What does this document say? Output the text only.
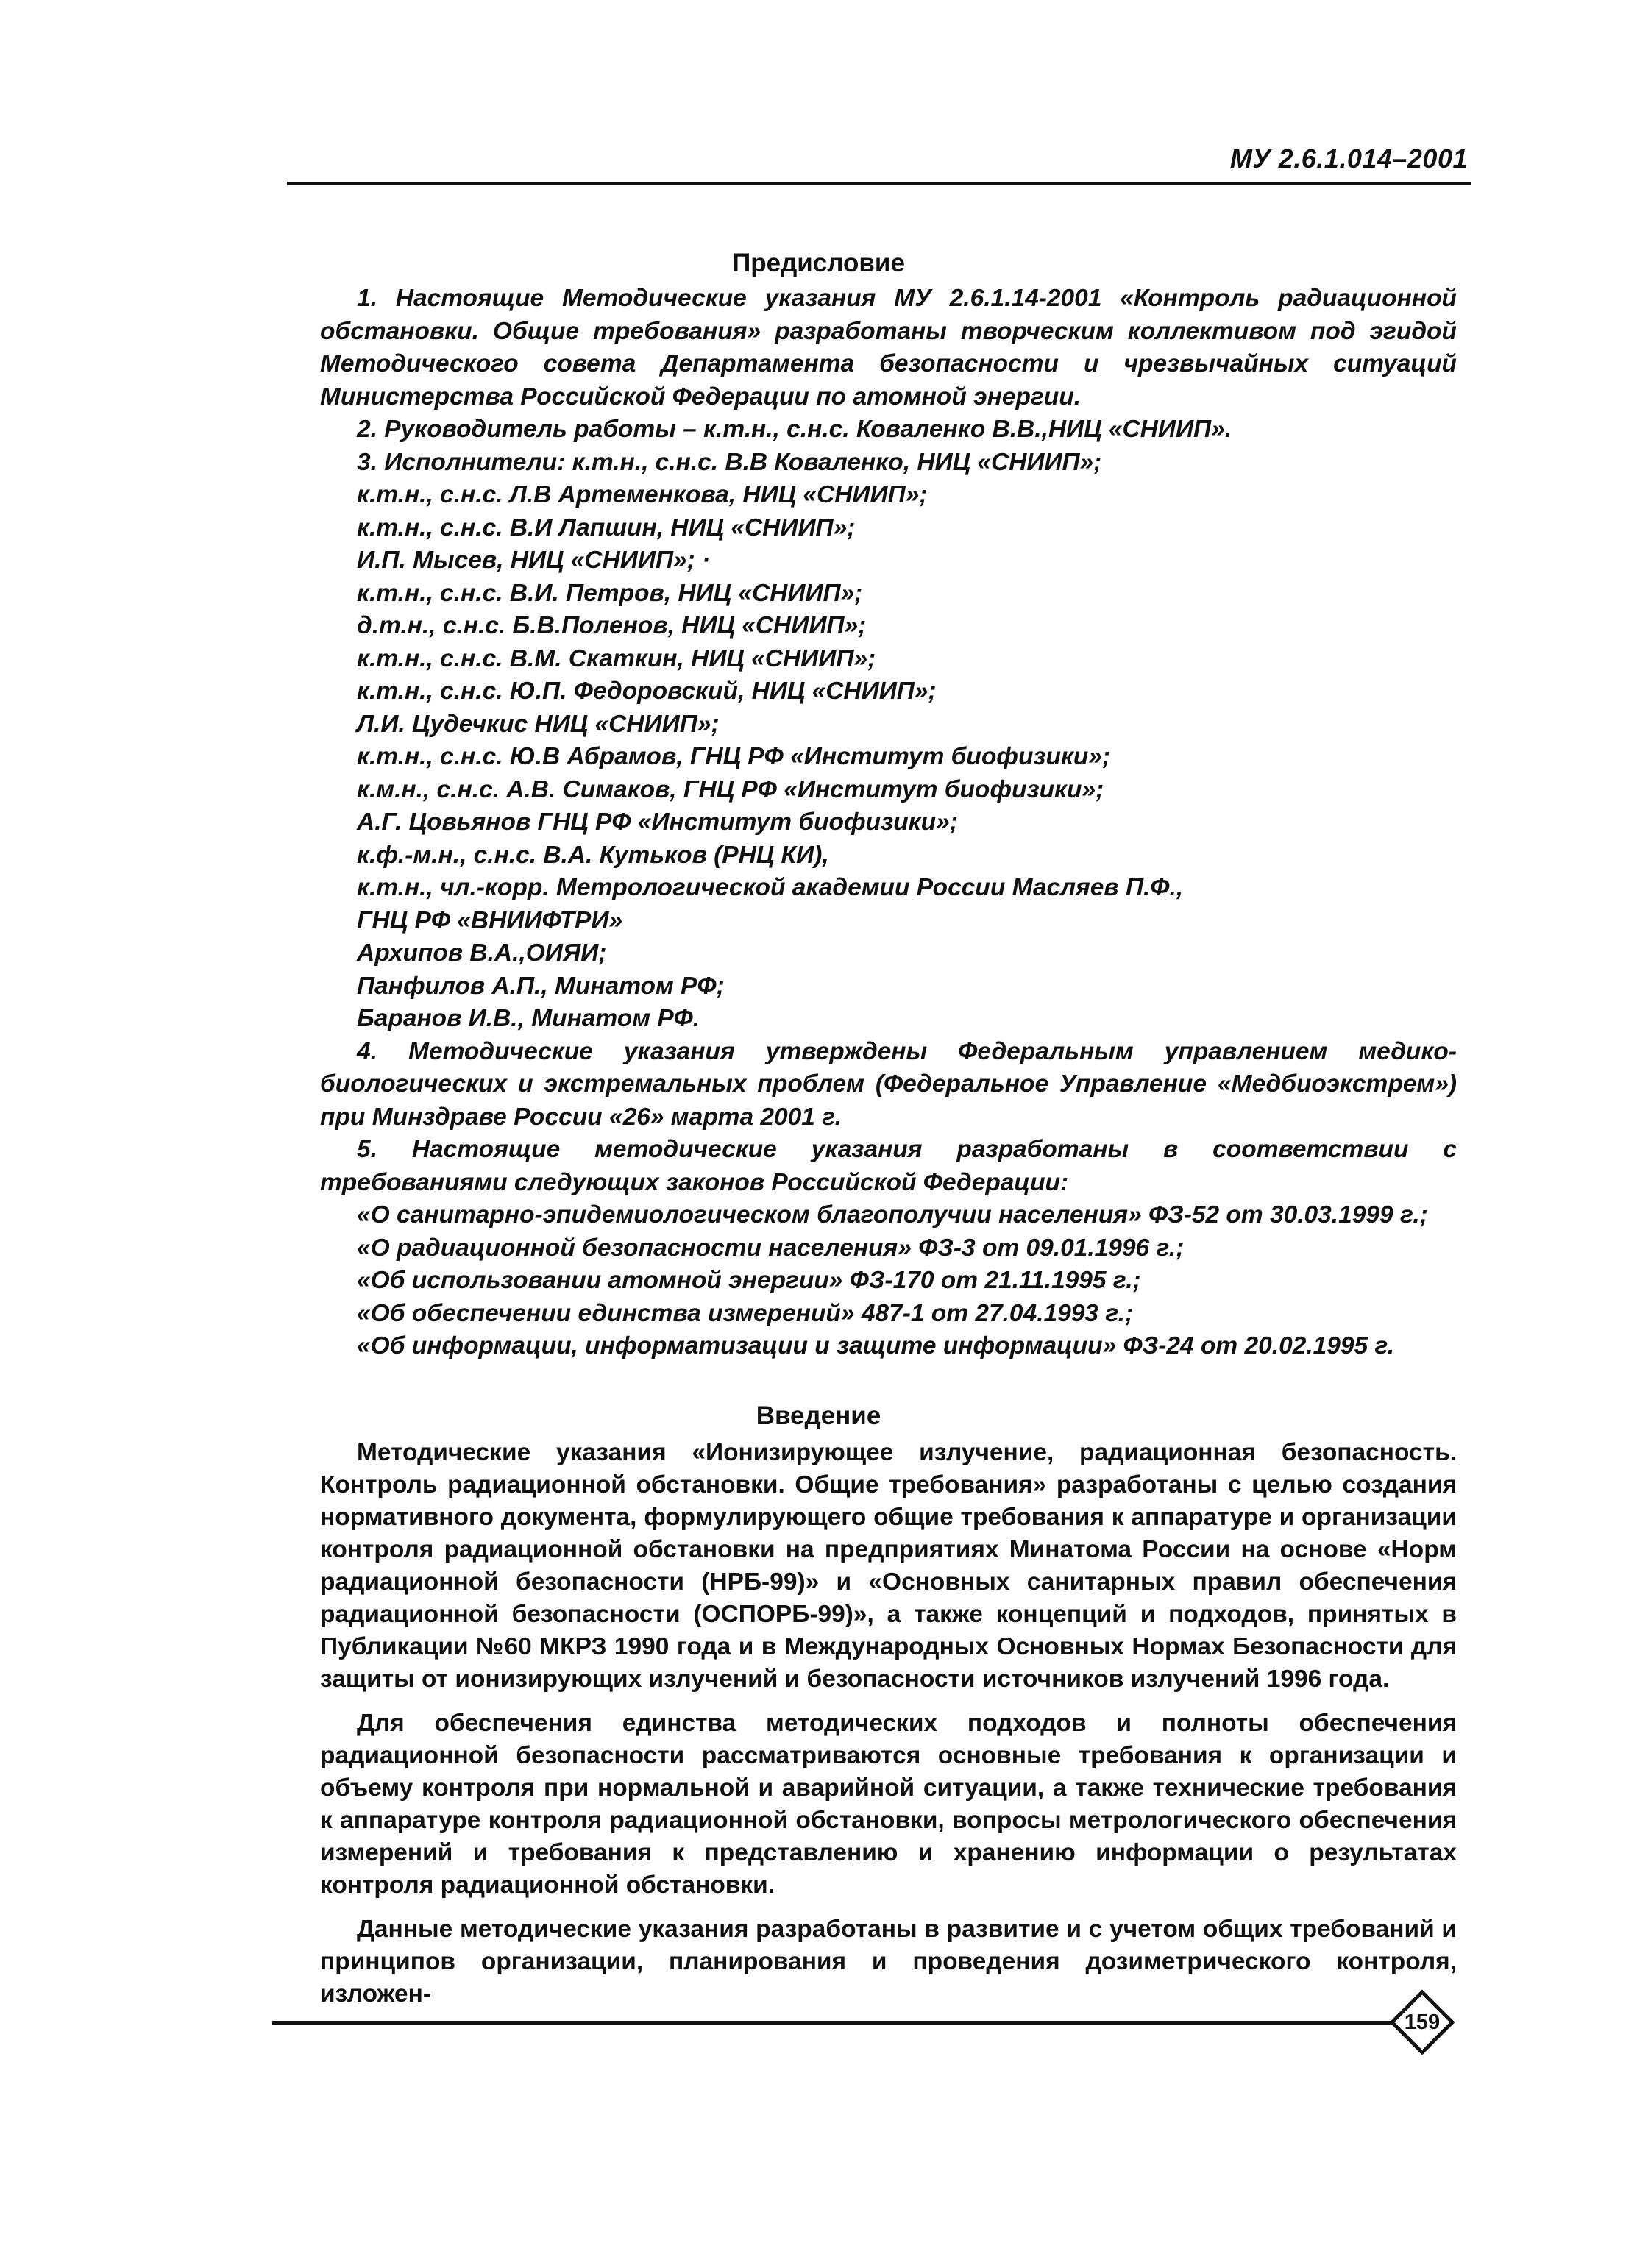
МУ 2.6.1.014–2001
Предисловие

1. Настоящие Методические указания МУ 2.6.1.14-2001 «Контроль радиационной обстановки. Общие требования» разработаны творческим коллективом под эгидой Методического совета Департамента безопасности и чрезвычайных ситуаций Министерства Российской Федерации по атомной энергии.

2. Руководитель работы – к.т.н., с.н.с. Коваленко В.В.,НИЦ «СНИИП».

3. Исполнители: к.т.н., с.н.с. В.В Коваленко, НИЦ «СНИИП»;

к.т.н., с.н.с. Л.В Артеменкова, НИЦ «СНИИП»;
к.т.н., с.н.с. В.И Лапшин, НИЦ «СНИИП»;
И.П. Мысев, НИЦ «СНИИП»; ·
к.т.н., с.н.с. В.И. Петров, НИЦ «СНИИП»;
д.т.н., с.н.с. Б.В.Поленов, НИЦ «СНИИП»;
к.т.н., с.н.с. В.М. Скаткин, НИЦ «СНИИП»;
к.т.н., с.н.с. Ю.П. Федоровский, НИЦ «СНИИП»;
Л.И. Цудечкис НИЦ «СНИИП»;
к.т.н., с.н.с. Ю.В Абрамов, ГНЦ РФ «Институт биофизики»;
к.м.н., с.н.с. А.В. Симаков, ГНЦ РФ «Институт биофизики»;
А.Г. Цовьянов ГНЦ РФ «Институт биофизики»;
к.ф.-м.н., с.н.с. В.А. Кутьков (РНЦ КИ),
к.т.н., чл.-корр. Метрологической академии России Масляев П.Ф.,
ГНЦ РФ «ВНИИФТРИ»
Архипов В.А.,ОИЯИ;
Панфилов А.П., Минатом РФ;
Баранов И.В., Минатом РФ.

4. Методические указания утверждены Федеральным управлением медико-биологических и экстремальных проблем (Федеральное Управление «Медбиоэкстрем») при Минздраве России «26» марта 2001 г.

5. Настоящие методические указания разработаны в соответствии с требованиями следующих законов Российской Федерации:

«О санитарно-эпидемиологическом благополучии населения» ФЗ-52 от 30.03.1999 г.;
«О радиационной безопасности населения» ФЗ-3 от 09.01.1996 г.;
«Об использовании атомной энергии» ФЗ-170 от 21.11.1995 г.;
«Об обеспечении единства измерений» 487-1 от 27.04.1993 г.;
«Об информации, информатизации и защите информации» ФЗ-24 от 20.02.1995 г.
Введение

Методические указания «Ионизирующее излучение, радиационная безопасность. Контроль радиационной обстановки. Общие требования» разработаны с целью создания нормативного документа, формулирующего общие требования к аппаратуре и организации контроля радиационной обстановки на предприятиях Минатома России на основе «Норм радиационной безопасности (НРБ-99)» и «Основных санитарных правил обеспечения радиационной безопасности (ОСПОРБ-99)», а также концепций и подходов, принятых в Публикации №60 МКРЗ 1990 года и в Международных Основных Нормах Безопасности для защиты от ионизирующих излучений и безопасности источников излучений 1996 года.

Для обеспечения единства методических подходов и полноты обеспечения радиационной безопасности рассматриваются основные требования к организации и объему контроля при нормальной и аварийной ситуации, а также технические требования к аппаратуре контроля радиационной обстановки, вопросы метрологического обеспечения измерений и требования к представлению и хранению информации о результатах контроля радиационной обстановки.

Данные методические указания разработаны в развитие и с учетом общих требований и принципов организации, планирования и проведения дозиметрического контроля, изложен-

159
